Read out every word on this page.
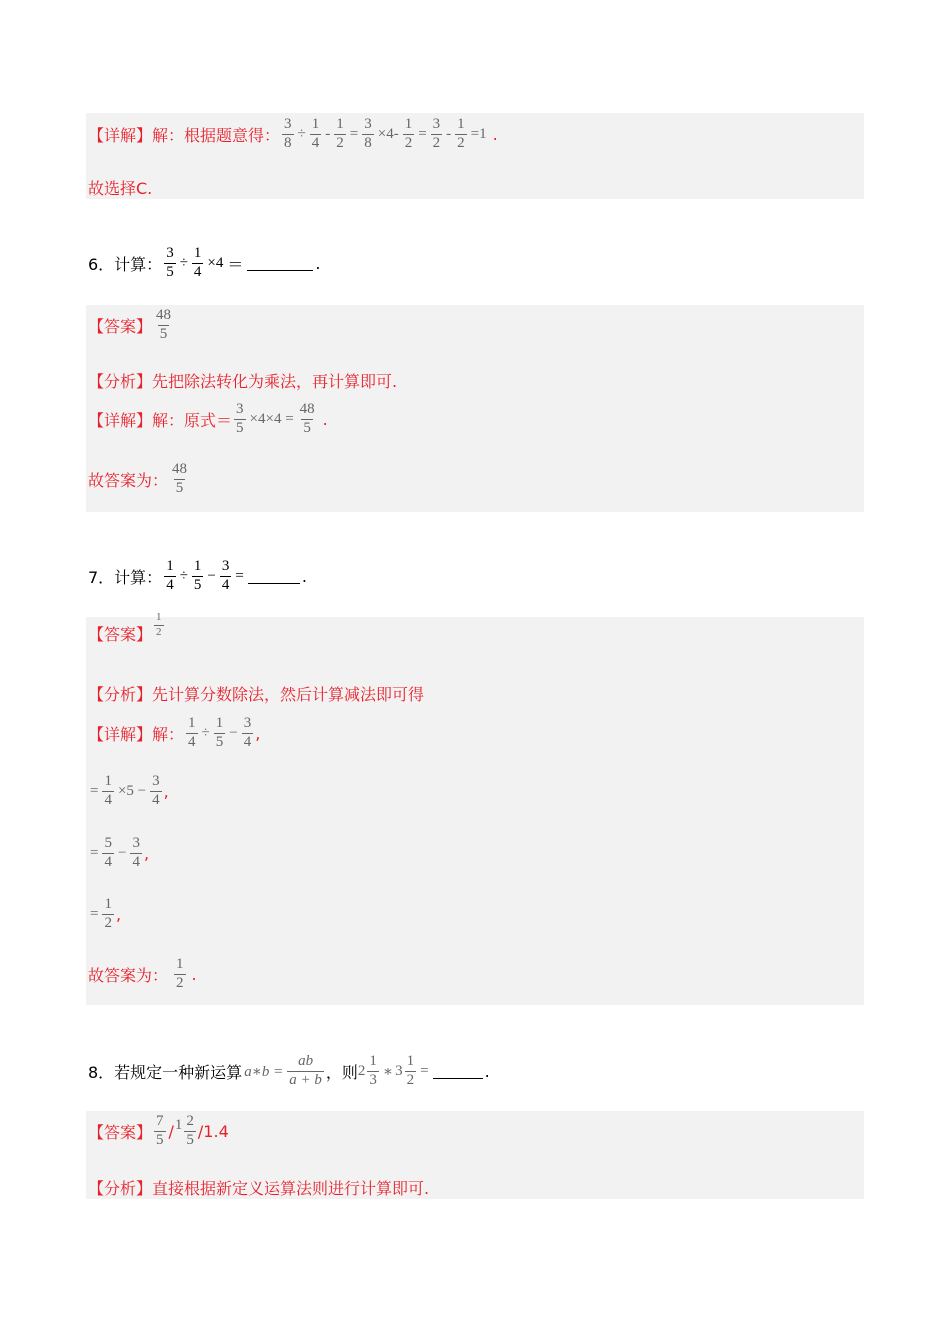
【详解】 解：根据题意得： $\frac{3}{8} \div \frac{1}{4} - \frac{1}{2} = \frac{3}{8} \times 4- \frac{1}{2} = \frac{3}{2} - \frac{1}{2} =1$ .
故选择C.
6．计算： $\frac{3}{5} \div \frac{1}{4} \times 4$ ＝	.
【答案】 $\frac{48}{5}$
【分析】 先把除法转化为乘法，再计算即可.
【详解】 解：原式＝ $\frac{3}{5} \times 4\times 4 = \frac{48}{5}$ .
故答案为： $\frac{48}{5}$
7．计算： $\frac{1}{4} \div \frac{1}{5} - \frac{3}{4}$ =	.
【答案】 $\frac{1}{2}$
【分析】 先计算分数除法，然后计算减法即可得
【详解】 解： $\frac{1}{4} \div \frac{1}{5} - \frac{3}{4}$ ,
= $\frac{1}{4} \times 5 - \frac{3}{4}$ ,
= $\frac{5}{4} - \frac{3}{4}$ ,
= $\frac{1}{2}$ ,
故答案为： $\frac{1}{2}$ .
8．若规定一种新运算 a∗b = $\frac{ab}{a + b}$ ，则 $2 \frac{1}{3}$ ∗ $3 \frac{1}{2}$ =	.
【答案】 $\frac{7}{5} / 1 \frac{2}{5} /1.4$
【分析】 直接根据新定义运算法则进行计算即可.
